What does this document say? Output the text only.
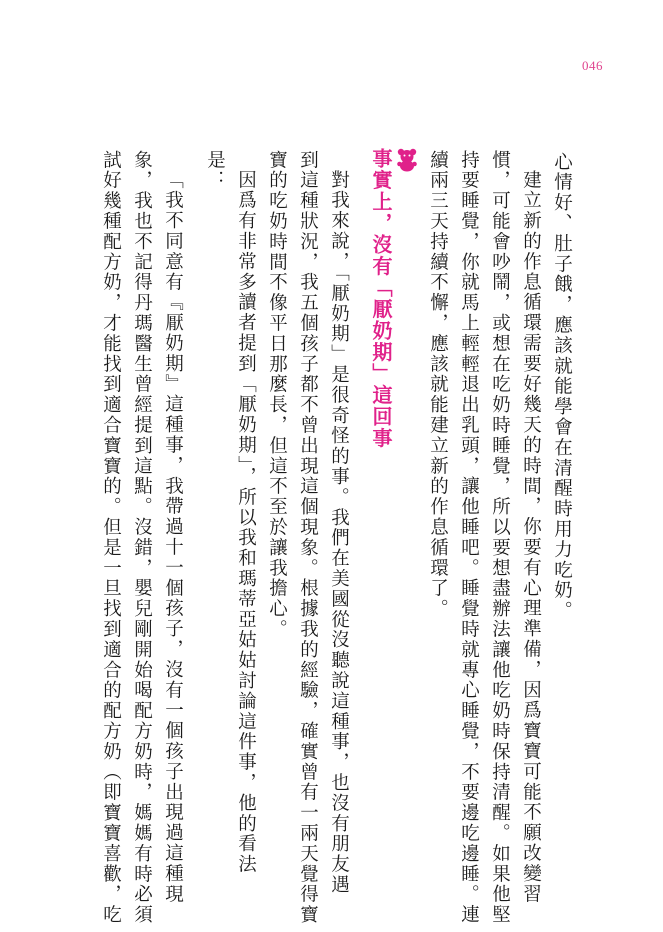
046
心情好、肚子餓，應該就能學會在清醒時用力吃奶。
建立新的作息循環需要好幾天的時間，你要有心理準備，因爲寶寶可能不願改變習
慣，可能會吵鬧，或想在吃奶時睡覺，所以要想盡辦法讓他吃奶時保持清醒。如果他堅
持要睡覺，你就馬上輕輕退出乳頭，讓他睡吧。睡覺時就專心睡覺，不要邊吃邊睡。連
續兩三天持續不懈，應該就能建立新的作息循環了。
事實上，沒有「厭奶期」這回事
對我來說，「厭奶期」是很奇怪的事。我們在美國從沒聽說這種事，也沒有朋友遇
到這種狀況，我五個孩子都不曾出現這個現象。根據我的經驗，確實曾有一兩天覺得寶
寶的吃奶時間不像平日那麼長，但這不至於讓我擔心。
因爲有非常多讀者提到「厭奶期」，所以我和瑪蒂亞姑姑討論這件事，他的看法
是：
「我不同意有『厭奶期』這種事，我帶過十一個孩子，沒有一個孩子出現過這種現
象，我也不記得丹瑪醫生曾經提到這點。沒錯，嬰兒剛開始喝配方奶時，媽媽有時必須
試好幾種配方奶，才能找到適合寶寶的。但是一旦找到適合的配方奶（即寶寶喜歡，吃
